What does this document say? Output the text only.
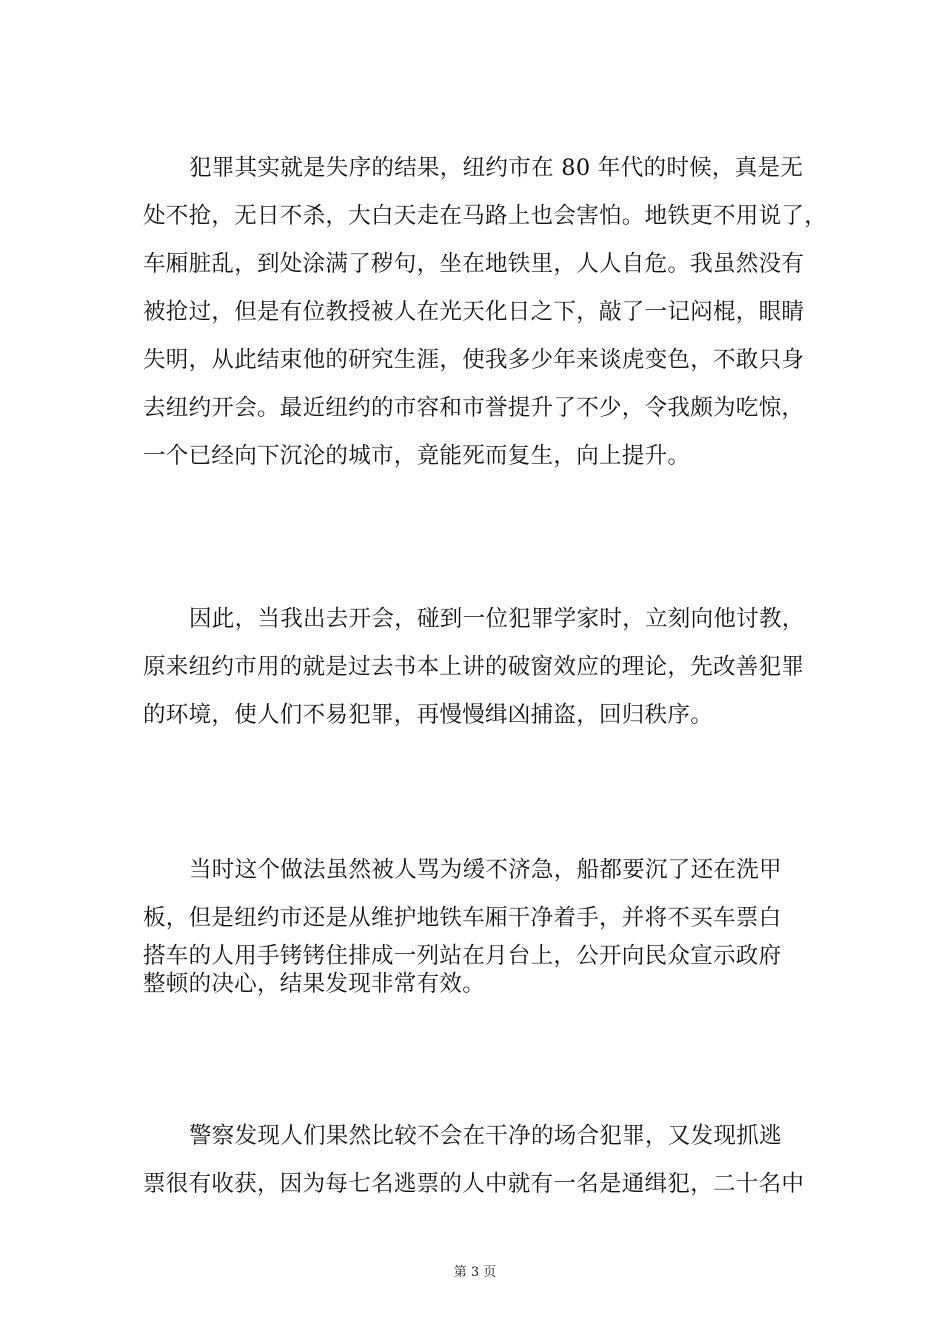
犯罪其实就是失序的结果，纽约市在 80 年代的时候，真是无
处不抢，无日不杀，大白天走在马路上也会害怕。地铁更不用说了，
车厢脏乱，到处涂满了秽句，坐在地铁里，人人自危。我虽然没有
被抢过，但是有位教授被人在光天化日之下，敲了一记闷棍，眼睛
失明，从此结束他的研究生涯，使我多少年来谈虎变色，不敢只身
去纽约开会。最近纽约的市容和市誉提升了不少，令我颇为吃惊，
一个已经向下沉沦的城市，竟能死而复生，向上提升。
因此，当我出去开会，碰到一位犯罪学家时，立刻向他讨教，
原来纽约市用的就是过去书本上讲的破窗效应的理论，先改善犯罪
的环境，使人们不易犯罪，再慢慢缉凶捕盗，回归秩序。
当时这个做法虽然被人骂为缓不济急，船都要沉了还在洗甲
板，但是纽约市还是从维护地铁车厢干净着手，并将不买车票白
搭车的人用手铐铐住排成一列站在月台上，公开向民众宣示政府
整顿的决心，结果发现非常有效。
警察发现人们果然比较不会在干净的场合犯罪，又发现抓逃
票很有收获，因为每七名逃票的人中就有一名是通缉犯，二十名中
第 3 页
